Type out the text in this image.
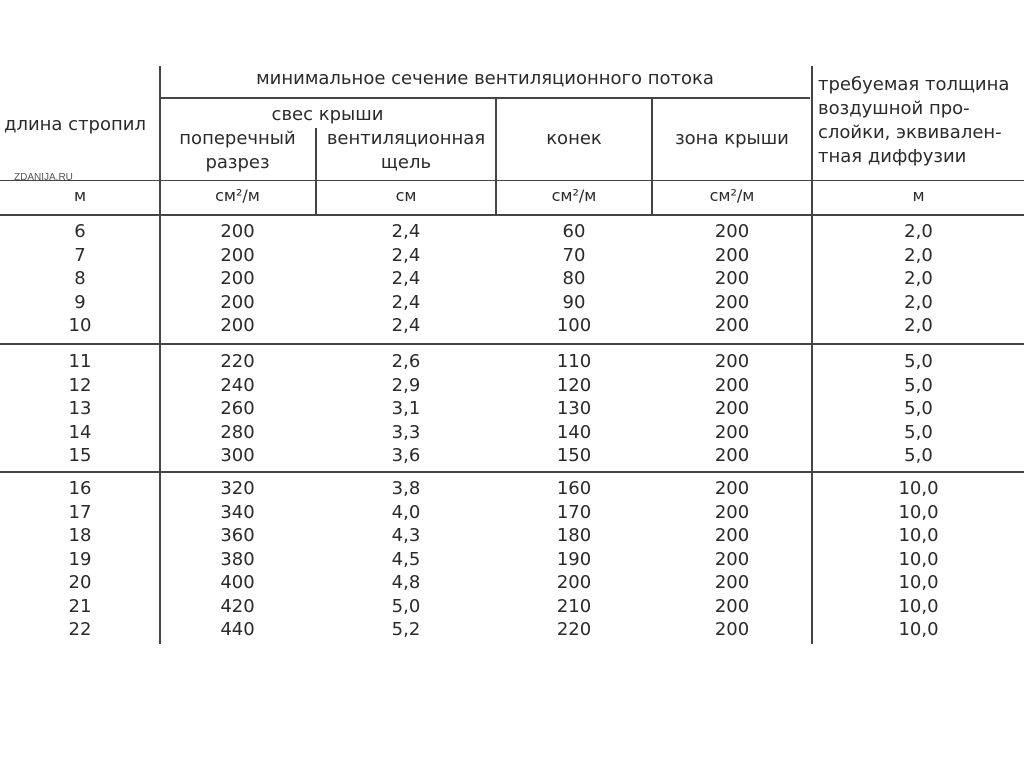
длина стропил
минимальное сечение вентиляционного потока
свес крыши
поперечный
разрез
вентиляционная
щель
конек	зона крыши
требуемая толщина
воздушной про-
слойки, эквивален-
тная диффузии
ZDANIJA.RU
м	см²/м	см	см²/м	см²/м	м
6	200	2,4	60	200	2,0
7	200	2,4	70	200	2,0
8	200	2,4	80	200	2,0
9	200	2,4	90	200	2,0
10	200	2,4	100	200	2,0
11	220	2,6	110	200	5,0
12	240	2,9	120	200	5,0
13	260	3,1	130	200	5,0
14	280	3,3	140	200	5,0
15	300	3,6	150	200	5,0
16	320	3,8	160	200	10,0
17	340	4,0	170	200	10,0
18	360	4,3	180	200	10,0
19	380	4,5	190	200	10,0
20	400	4,8	200	200	10,0
21	420	5,0	210	200	10,0
22	440	5,2	220	200	10,0
